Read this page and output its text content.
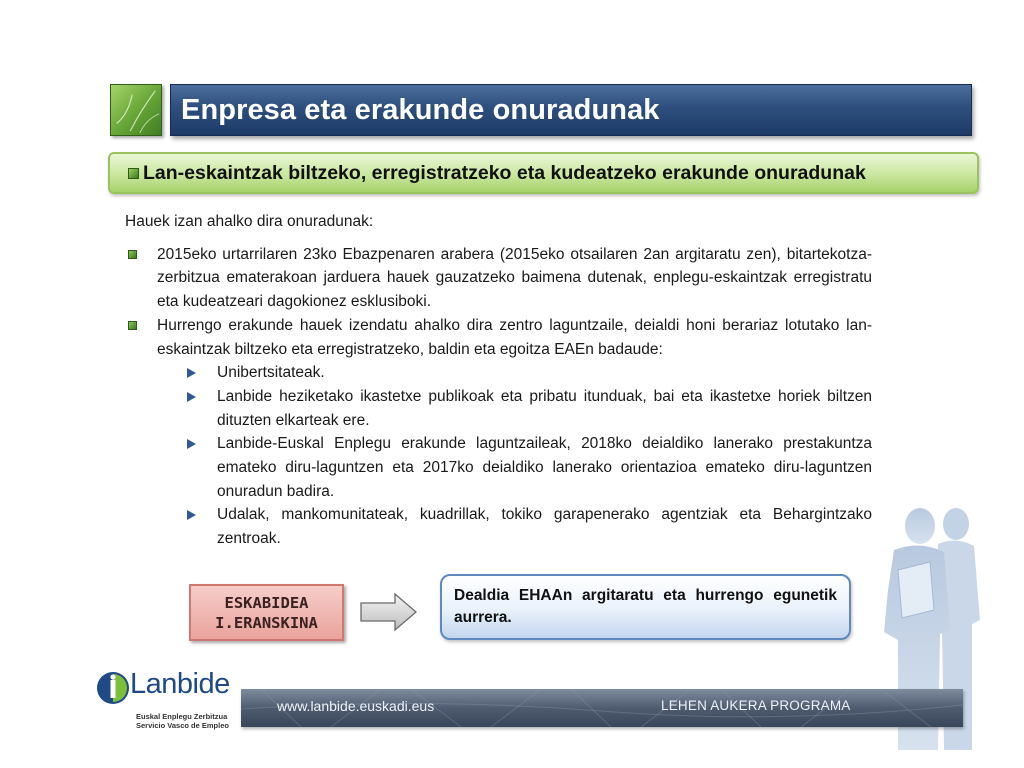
Enpresa eta erakunde onuradunak
Lan-eskaintzak biltzeko, erregistratzeko eta kudeatzeko erakunde onuradunak

Hauek izan ahalko dira onuradunak:

2015eko urtarrilaren 23ko Ebazpenaren arabera (2015eko otsailaren 2an argitaratu zen), bitartekotza-zerbitzua ematerakoan jarduera hauek gauzatzeko baimena dutenak, enplegu-eskaintzak erregistratu eta kudeatzeari dagokionez esklusiboki.
Hurrengo erakunde hauek izendatu ahalko dira zentro laguntzaile, deialdi honi berariaz lotutako lan-eskaintzak biltzeko eta erregistratzeko, baldin eta egoitza EAEn badaude:
Unibertsitateak.
Lanbide heziketako ikastetxe publikoak eta pribatu itunduak, bai eta ikastetxe horiek biltzen dituzten elkarteak ere.
Lanbide-Euskal Enplegu erakunde laguntzaileak, 2018ko deialdiko lanerako prestakuntza emateko diru-laguntzen eta 2017ko deialdiko lanerako orientazioa emateko diru-laguntzen onuradun badira.
Udalak, mankomunitateak, kuadrillak, tokiko garapenerako agentziak eta Behargintzako zentroak.
ESKABIDEA
I.ERANSKINA

Dealdia EHAAn argitaratu eta hurrengo egunetik aurrera.

Lanbide
Euskal Enplegu Zerbitzua
Servicio Vasco de Empleo
www.lanbide.euskadi.eus	LEHEN AUKERA PROGRAMA
